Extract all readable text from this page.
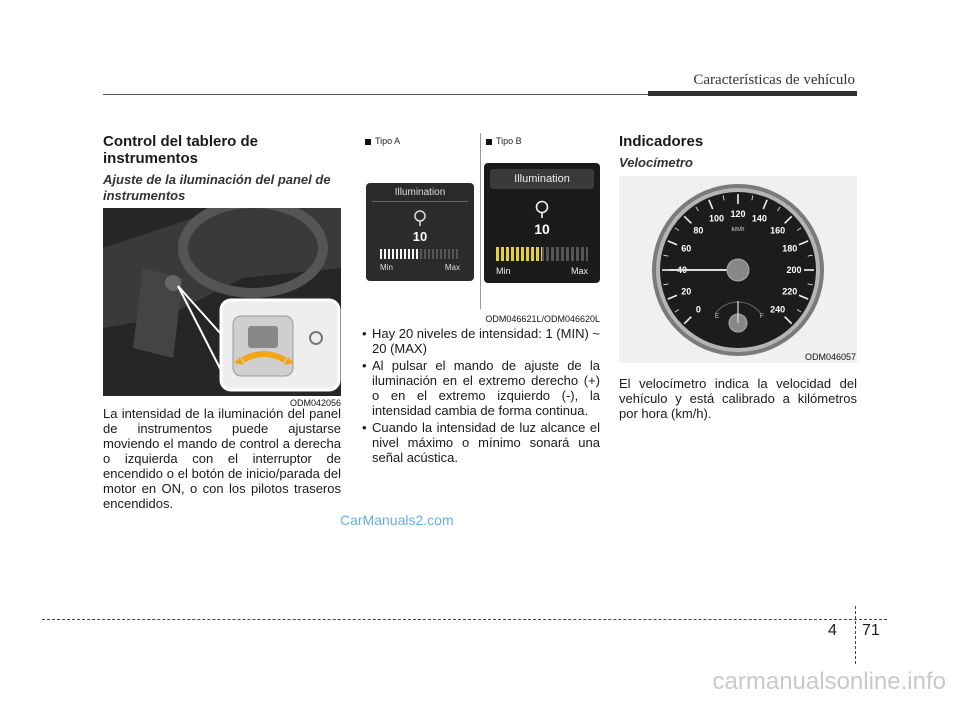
Características de vehículo
Control del tablero de instrumentos
Ajuste de la iluminación del panel de instrumentos
ODM042056

La intensidad de la iluminación del panel de instrumentos puede ajustarse moviendo el mando de control a derecha o izquierda con el interruptor de encendido o el botón de inicio/parada del motor en ON, o con los pilotos traseros encendidos.

Tipo A	Tipo B
Illumination
10
Min	Max
Illumination
10
Min	Max
ODM046621L/ODM046620L
• Hay 20 niveles de intensidad: 1 (MIN) ~ 20 (MAX)
• Al pulsar el mando de ajuste de la iluminación en el extremo derecho (+) o en el extremo izquierdo (-), la intensidad cambia de forma continua.
• Cuando la intensidad de luz alcance el nivel máximo o mínimo sonará una señal acústica.
Indicadores
Velocímetro
0
20
40
60
80
100 120 140
160
180
200
220
240
km/h
E	F
ODM046057

El velocímetro indica la velocidad del vehículo y está calibrado a kilómetros por hora (km/h).

4 71
CarManuals2.com
carmanualsonline.info
